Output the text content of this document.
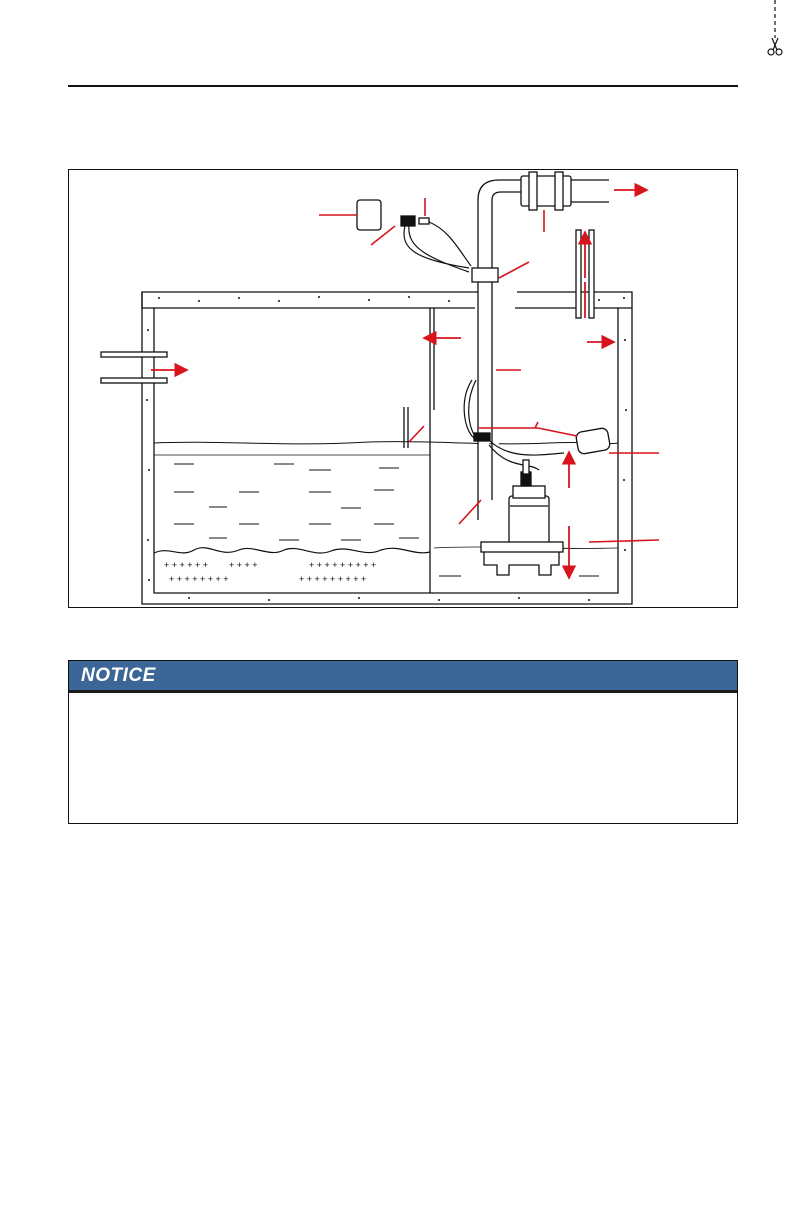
+ + + + + +
+ + + + + + + +
+ + + + + + + + +
+ + + + + + + + +
+ + + +
NOTICE
